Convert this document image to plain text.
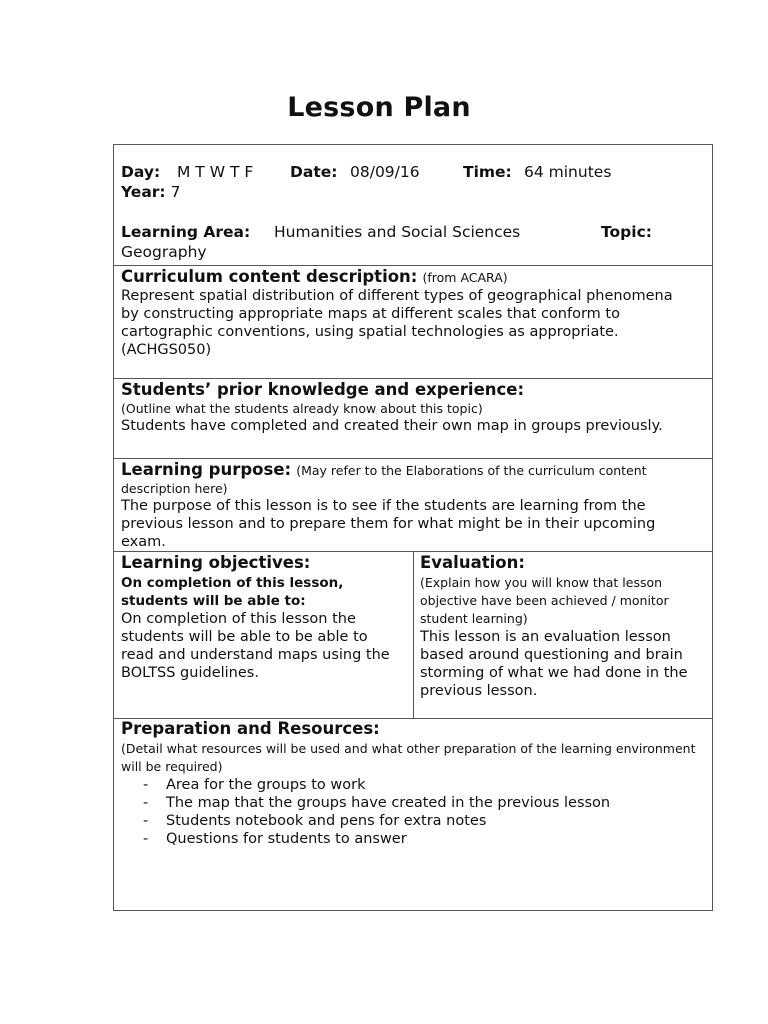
Lesson Plan
Day: M T W T F Date: 08/09/16	Time: 64 minutes
Year: 7
Learning Area: Humanities and Social Sciences	Topic:
Geography
Curriculum content description: (from ACARA)
Represent spatial distribution of different types of geographical phenomena
by constructing appropriate maps at different scales that conform to
cartographic conventions, using spatial technologies as appropriate.
(ACHGS050)
Students’ prior knowledge and experience:
(Outline what the students already know about this topic)
Students have completed and created their own map in groups previously.
Learning purpose: (May refer to the Elaborations of the curriculum content
description here)
The purpose of this lesson is to see if the students are learning from the
previous lesson and to prepare them for what might be in their upcoming
exam.
Learning objectives:
On completion of this lesson,
students will be able to:
On completion of this lesson the
students will be able to be able to
read and understand maps using the
BOLTSS guidelines.
Evaluation:
(Explain how you will know that lesson
objective have been achieved / monitor
student learning)
This lesson is an evaluation lesson
based around questioning and brain
storming of what we had done in the
previous lesson.
Preparation and Resources:
(Detail what resources will be used and what other preparation of the learning environment
will be required)
- Area for the groups to work
- The map that the groups have created in the previous lesson
- Students notebook and pens for extra notes
- Questions for students to answer
